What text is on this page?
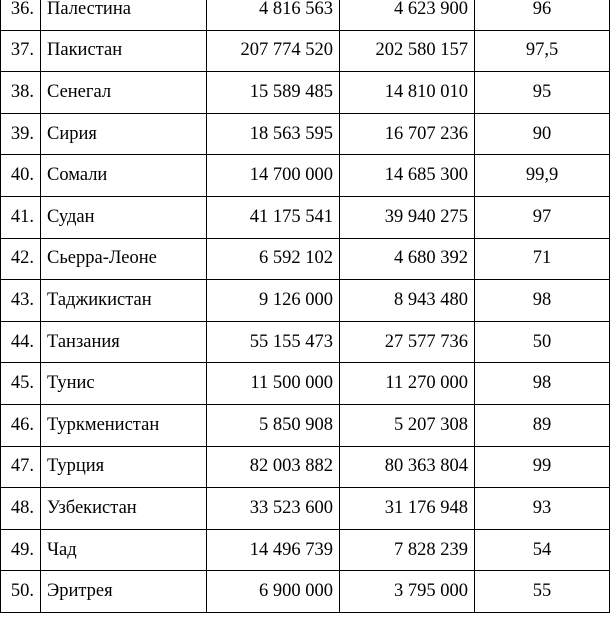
36.	Палестина	4 816 563	4 623 900	96
37.	Пакистан	207 774 520	202 580 157	97,5
38.	Сенегал	15 589 485	14 810 010	95
39.	Сирия	18 563 595	16 707 236	90
40.	Сомали	14 700 000	14 685 300	99,9
41.	Судан	41 175 541	39 940 275	97
42.	Сьерра-Леоне	6 592 102	4 680 392	71
43.	Таджикистан	9 126 000	8 943 480	98
44.	Танзания	55 155 473	27 577 736	50
45.	Тунис	11 500 000	11 270 000	98
46.	Туркменистан	5 850 908	5 207 308	89
47.	Турция	82 003 882	80 363 804	99
48.	Узбекистан	33 523 600	31 176 948	93
49.	Чад	14 496 739	7 828 239	54
50.	Эритрея	6 900 000	3 795 000	55
